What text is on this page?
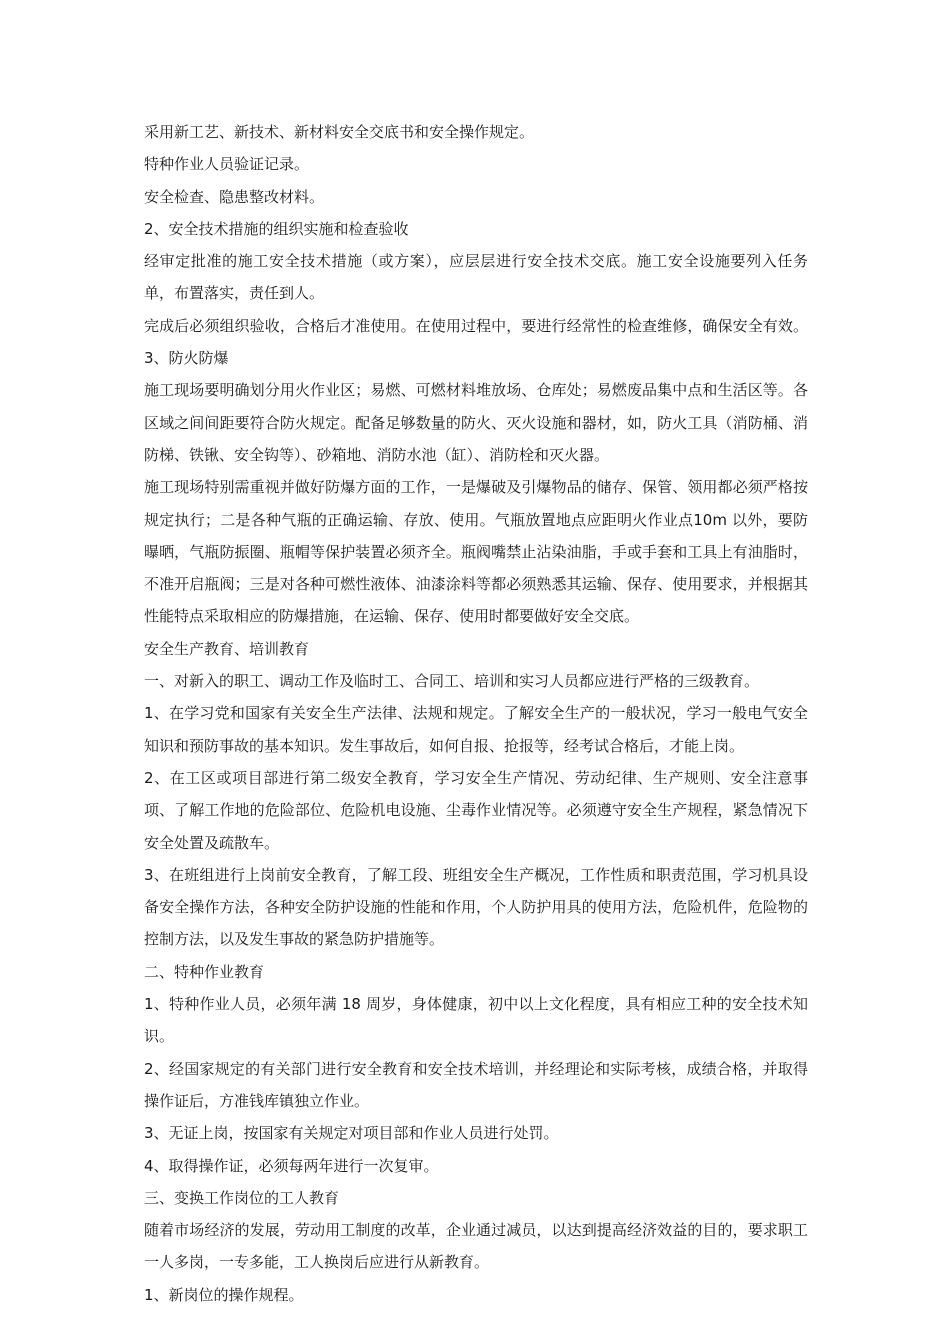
采用新工艺、新技术、新材料安全交底书和安全操作规定。

特种作业人员验证记录。

安全检查、隐患整改材料。

2、安全技术措施的组织实施和检查验收

经审定批准的施工安全技术措施（或方案），应层层进行安全技术交底。施工安全设施要列入任务单，布置落实，责任到人。

完成后必须组织验收，合格后才准使用。在使用过程中，要进行经常性的检查维修，确保安全有效。3、防火防爆

施工现场要明确划分用火作业区；易燃、可燃材料堆放场、仓库处；易燃废品集中点和生活区等。各区域之间间距要符合防火规定。配备足够数量的防火、灭火设施和器材，如，防火工具（消防桶、消防梯、铁锹、安全钩等）、砂箱地、消防水池（缸）、消防栓和灭火器。

施工现场特别需重视并做好防爆方面的工作，一是爆破及引爆物品的储存、保管、领用都必须严格按规定执行；二是各种气瓶的正确运输、存放、使用。气瓶放置地点应距明火作业点10m 以外，要防曝晒，气瓶防振圈、瓶帽等保护装置必须齐全。瓶阀嘴禁止沾染油脂，手或手套和工具上有油脂时，不准开启瓶阀；三是对各种可燃性液体、油漆涂料等都必须熟悉其运输、保存、使用要求，并根据其性能特点采取相应的防爆措施，在运输、保存、使用时都要做好安全交底。

安全生产教育、培训教育

一、对新入的职工、调动工作及临时工、合同工、培训和实习人员都应进行严格的三级教育。

1、在学习党和国家有关安全生产法律、法规和规定。了解安全生产的一般状况，学习一般电气安全知识和预防事故的基本知识。发生事故后，如何自报、抢报等，经考试合格后，才能上岗。

2、在工区或项目部进行第二级安全教育，学习安全生产情况、劳动纪律、生产规则、安全注意事项、了解工作地的危险部位、危险机电设施、尘毒作业情况等。必须遵守安全生产规程，紧急情况下安全处置及疏散车。

3、在班组进行上岗前安全教育，了解工段、班组安全生产概况，工作性质和职责范围，学习机具设备安全操作方法，各种安全防护设施的性能和作用，个人防护用具的使用方法，危险机件，危险物的控制方法，以及发生事故的紧急防护措施等。

二、特种作业教育

1、特种作业人员，必须年满 18 周岁，身体健康，初中以上文化程度，具有相应工种的安全技术知识。

2、经国家规定的有关部门进行安全教育和安全技术培训，并经理论和实际考核，成绩合格，并取得操作证后，方准钱库镇独立作业。

3、无证上岗，按国家有关规定对项目部和作业人员进行处罚。

4、取得操作证，必须每两年进行一次复审。

三、变换工作岗位的工人教育

随着市场经济的发展，劳动用工制度的改革，企业通过减员，以达到提高经济效益的目的，要求职工一人多岗，一专多能，工人换岗后应进行从新教育。

1、新岗位的操作规程。
